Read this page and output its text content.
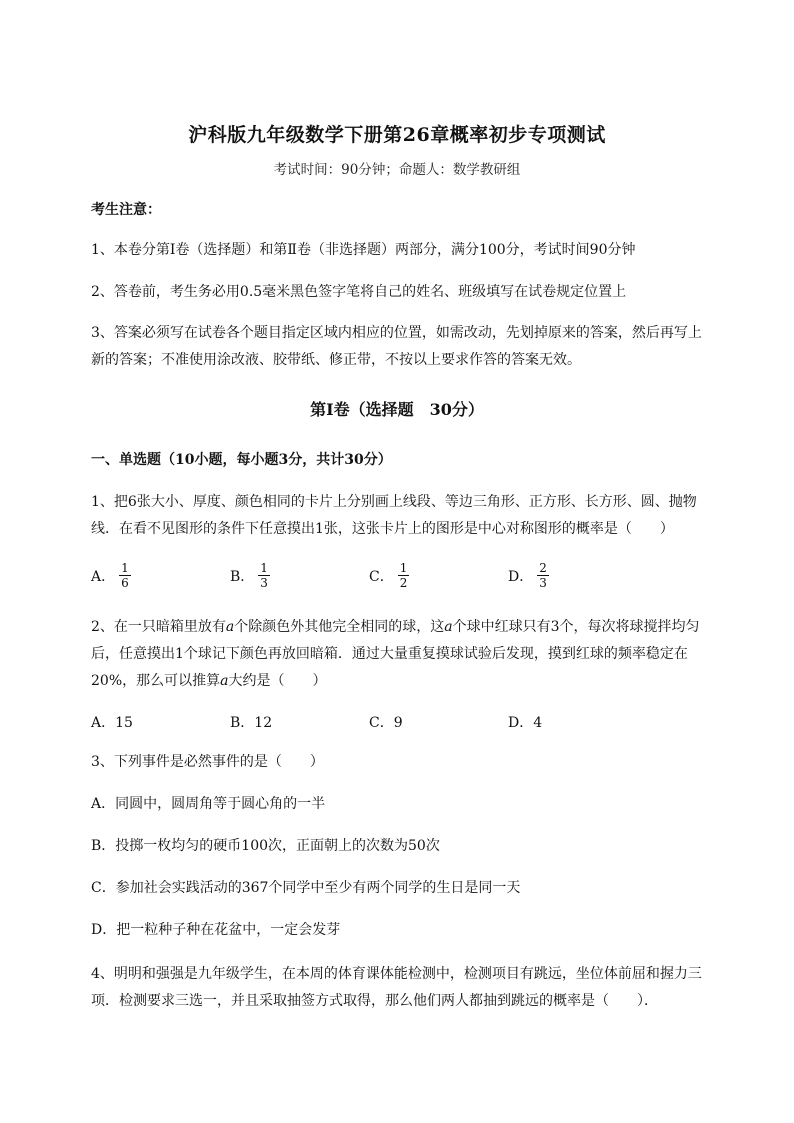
沪科版九年级数学下册第26章概率初步专项测试
考试时间：90分钟；命题人：数学教研组
考生注意：
1、本卷分第I卷（选择题）和第Ⅱ卷（非选择题）两部分，满分100分，考试时间90分钟
2、答卷前，考生务必用0.5毫米黑色签字笔将自己的姓名、班级填写在试卷规定位置上
3、答案必须写在试卷各个题目指定区域内相应的位置，如需改动，先划掉原来的答案，然后再写上新的答案；不准使用涂改液、胶带纸、修正带，不按以上要求作答的答案无效。
第I卷（选择题　30分）
一、单选题（10小题，每小题3分，共计30分）
1、把6张大小、厚度、颜色相同的卡片上分别画上线段、等边三角形、正方形、长方形、圆、抛物线．在看不见图形的条件下任意摸出1张，这张卡片上的图形是中心对称图形的概率是（　　）
A． $\frac{1}{6}$	B． $\frac{1}{3}$	C． $\frac{1}{2}$	D． $\frac{2}{3}$
2、在一只暗箱里放有a个除颜色外其他完全相同的球，这a个球中红球只有3个，每次将球搅拌均匀后，任意摸出1个球记下颜色再放回暗箱．通过大量重复摸球试验后发现，摸到红球的频率稳定在20%，那么可以推算a大约是（　　）
A．15	B．12	C．9	D．4
3、下列事件是必然事件的是（　　）
A．同圆中，圆周角等于圆心角的一半
B．投掷一枚均匀的硬币100次，正面朝上的次数为50次
C．参加社会实践活动的367个同学中至少有两个同学的生日是同一天
D．把一粒种子种在花盆中，一定会发芽
4、明明和强强是九年级学生，在本周的体育课体能检测中，检测项目有跳远，坐位体前屈和握力三项．检测要求三选一，并且采取抽签方式取得，那么他们两人都抽到跳远的概率是（　　）．
